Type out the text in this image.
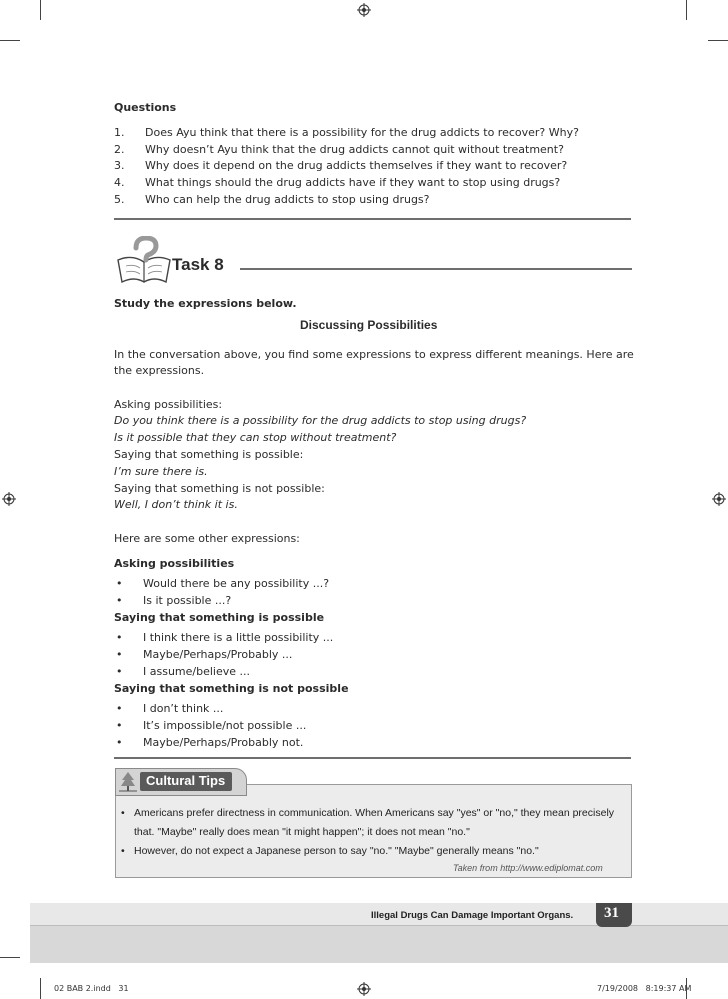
Questions
1. Does Ayu think that there is a possibility for the drug addicts to recover? Why?
2. Why doesn’t Ayu think that the drug addicts cannot quit without treatment?
3. Why does it depend on the drug addicts themselves if they want to recover?
4. What things should the drug addicts have if they want to stop using drugs?
5. Who can help the drug addicts to stop using drugs?
Task 8
Study the expressions below.
Discussing Possibilities
In the conversation above, you find some expressions to express different meanings. Here are
the expressions.
Asking possibilities:
Do you think there is a possibility for the drug addicts to stop using drugs?
Is it possible that they can stop without treatment?
Saying that something is possible:
I’m sure there is.
Saying that something is not possible:
Well, I don’t think it is.
Here are some other expressions:
Asking possibilities
• Would there be any possibility ...?
• Is it possible ...?
Saying that something is possible
• I think there is a little possibility ...
• Maybe/Perhaps/Probably ...
• I assume/believe ...
Saying that something is not possible
• I don’t think ...
• It’s impossible/not possible ...
• Maybe/Perhaps/Probably not.
Cultural Tips
• Americans prefer directness in communication. When Americans say "yes" or "no," they mean precisely
that. "Maybe" really does mean "it might happen"; it does not mean "no."
• However, do not expect a Japanese person to say "no." "Maybe" generally means "no."
Taken from http://www.ediplomat.com
Illegal Drugs Can Damage Important Organs. 31
02 BAB 2.indd   31	7/19/2008   8:19:37 AM
